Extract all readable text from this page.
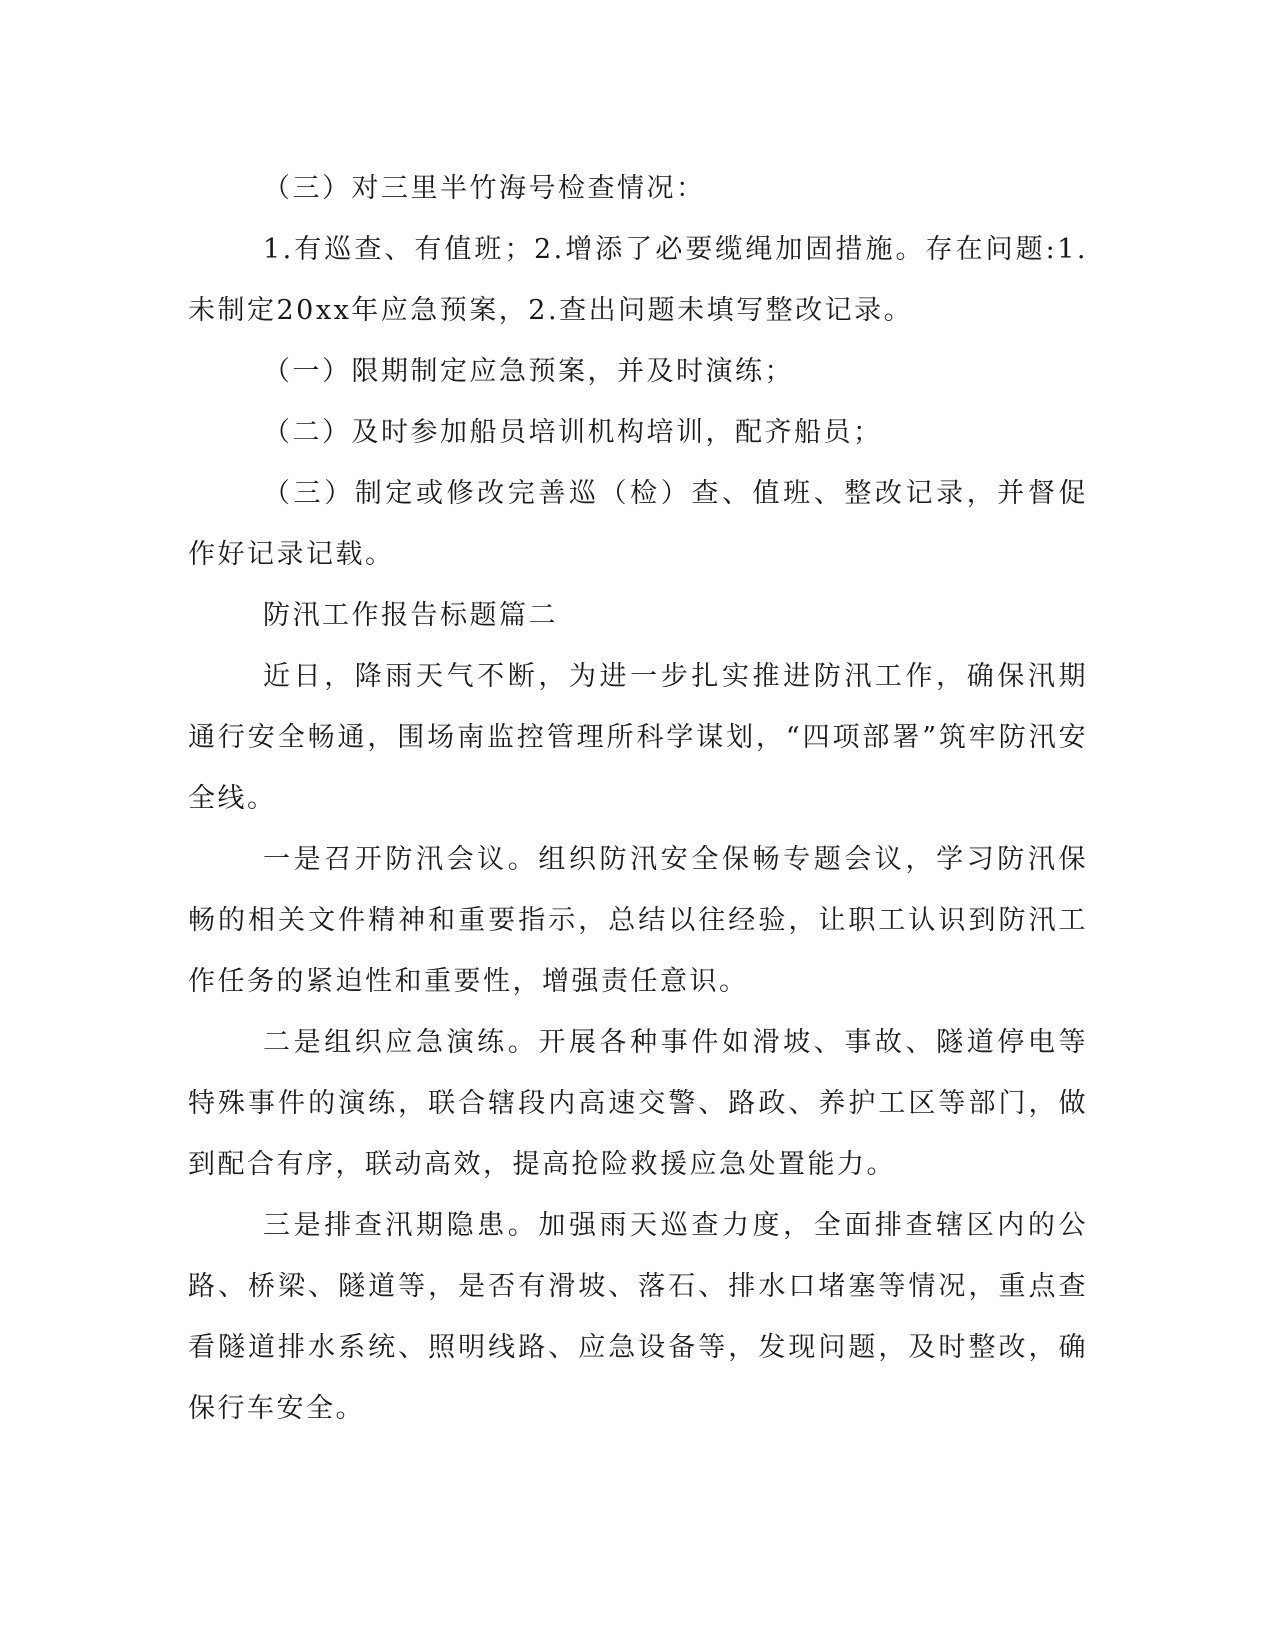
（三）对三里半竹海号检查情况：

1.有巡查、有值班；2.增添了必要缆绳加固措施。存在问题:1.未制定20xx年应急预案，2.查出问题未填写整改记录。

（一）限期制定应急预案，并及时演练；

（二）及时参加船员培训机构培训，配齐船员；

（三）制定或修改完善巡（检）查、值班、整改记录，并督促作好记录记载。

防汛工作报告标题篇二

近日，降雨天气不断，为进一步扎实推进防汛工作，确保汛期通行安全畅通，围场南监控管理所科学谋划，“四项部署”筑牢防汛安全线。

一是召开防汛会议。组织防汛安全保畅专题会议，学习防汛保畅的相关文件精神和重要指示，总结以往经验，让职工认识到防汛工作任务的紧迫性和重要性，增强责任意识。

二是组织应急演练。开展各种事件如滑坡、事故、隧道停电等特殊事件的演练，联合辖段内高速交警、路政、养护工区等部门，做到配合有序，联动高效，提高抢险救援应急处置能力。

三是排查汛期隐患。加强雨天巡查力度，全面排查辖区内的公路、桥梁、隧道等，是否有滑坡、落石、排水口堵塞等情况，重点查看隧道排水系统、照明线路、应急设备等，发现问题，及时整改，确保行车安全。
